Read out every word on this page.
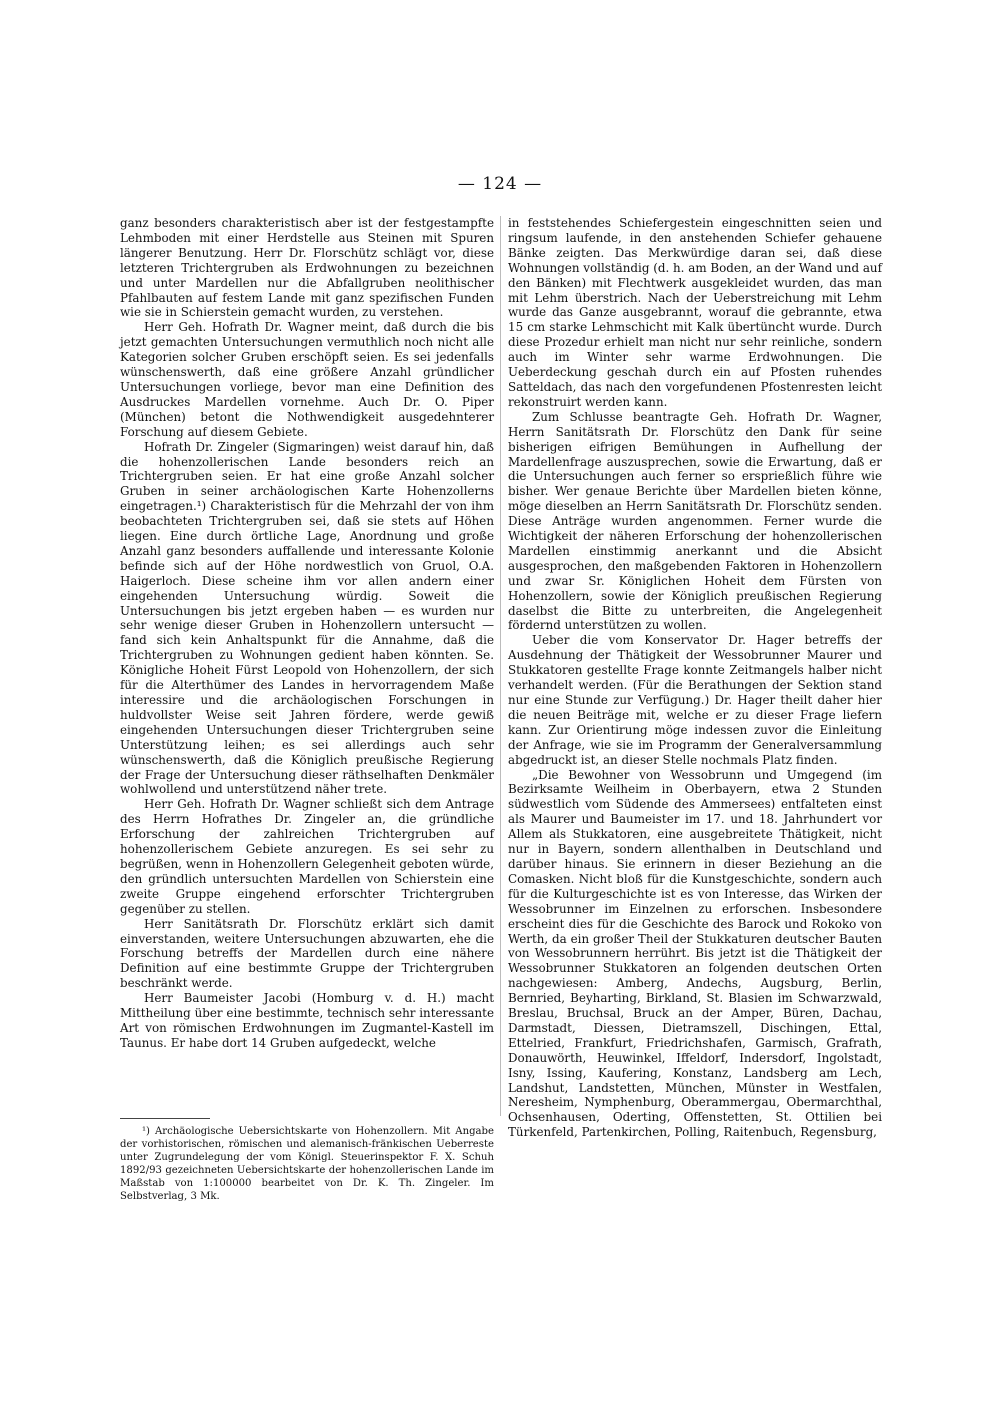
— 124 —

ganz besonders charakteristisch aber ist der festgestampfte Lehmboden mit einer Herdstelle aus Steinen mit Spuren längerer Benutzung. Herr Dr. Florschütz schlägt vor, diese letzteren Trichtergruben als Erdwohnungen zu bezeichnen und unter Mardellen nur die Abfallgruben neolithischer Pfahlbauten auf festem Lande mit ganz spezifischen Funden wie sie in Schierstein gemacht wurden, zu verstehen.

Herr Geh. Hofrath Dr. Wagner meint, daß durch die bis jetzt gemachten Untersuchungen vermuthlich noch nicht alle Kategorien solcher Gruben erschöpft seien. Es sei jedenfalls wünschenswerth, daß eine größere Anzahl gründlicher Untersuchungen vorliege, bevor man eine Definition des Ausdruckes Mardellen vornehme. Auch Dr. O. Piper (München) betont die Nothwendigkeit ausgedehnterer Forschung auf diesem Gebiete.

Hofrath Dr. Zingeler (Sigmaringen) weist darauf hin, daß die hohenzollerischen Lande besonders reich an Trichtergruben seien. Er hat eine große Anzahl solcher Gruben in seiner archäologischen Karte Hohenzollerns eingetragen.¹) Charakteristisch für die Mehrzahl der von ihm beobachteten Trichtergruben sei, daß sie stets auf Höhen liegen. Eine durch örtliche Lage, Anordnung und große Anzahl ganz besonders auffallende und interessante Kolonie befinde sich auf der Höhe nordwestlich von Gruol, O.A. Haigerloch. Diese scheine ihm vor allen andern einer eingehenden Untersuchung würdig. Soweit die Untersuchungen bis jetzt ergeben haben — es wurden nur sehr wenige dieser Gruben in Hohenzollern untersucht — fand sich kein Anhaltspunkt für die Annahme, daß die Trichtergruben zu Wohnungen gedient haben könnten. Se. Königliche Hoheit Fürst Leopold von Hohenzollern, der sich für die Alterthümer des Landes in hervorragendem Maße interessire und die archäologischen Forschungen in huldvollster Weise seit Jahren fördere, werde gewiß eingehenden Untersuchungen dieser Trichtergruben seine Unterstützung leihen; es sei allerdings auch sehr wünschenswerth, daß die Königlich preußische Regierung der Frage der Untersuchung dieser räthselhaften Denkmäler wohlwollend und unterstützend näher trete.

Herr Geh. Hofrath Dr. Wagner schließt sich dem Antrage des Herrn Hofrathes Dr. Zingeler an, die gründliche Erforschung der zahlreichen Trichtergruben auf hohenzollerischem Gebiete anzuregen. Es sei sehr zu begrüßen, wenn in Hohenzollern Gelegenheit geboten würde, den gründlich untersuchten Mardellen von Schierstein eine zweite Gruppe eingehend erforschter Trichtergruben gegenüber zu stellen.

Herr Sanitätsrath Dr. Florschütz erklärt sich damit einverstanden, weitere Untersuchungen abzuwarten, ehe die Forschung betreffs der Mardellen durch eine nähere Definition auf eine bestimmte Gruppe der Trichtergruben beschränkt werde.

Herr Baumeister Jacobi (Homburg v. d. H.) macht Mittheilung über eine bestimmte, technisch sehr interessante Art von römischen Erdwohnungen im Zugmantel-Kastell im Taunus. Er habe dort 14 Gruben aufgedeckt, welche

in feststehendes Schiefergestein eingeschnitten seien und ringsum laufende, in den anstehenden Schiefer gehauene Bänke zeigten. Das Merkwürdige daran sei, daß diese Wohnungen vollständig (d. h. am Boden, an der Wand und auf den Bänken) mit Flechtwerk ausgekleidet wurden, das man mit Lehm überstrich. Nach der Ueberstreichung mit Lehm wurde das Ganze ausgebrannt, worauf die gebrannte, etwa 15 cm starke Lehmschicht mit Kalk übertüncht wurde. Durch diese Prozedur erhielt man nicht nur sehr reinliche, sondern auch im Winter sehr warme Erdwohnungen. Die Ueberdeckung geschah durch ein auf Pfosten ruhendes Satteldach, das nach den vorgefundenen Pfostenresten leicht rekonstruirt werden kann.

Zum Schlusse beantragte Geh. Hofrath Dr. Wagner, Herrn Sanitätsrath Dr. Florschütz den Dank für seine bisherigen eifrigen Bemühungen in Aufhellung der Mardellenfrage auszusprechen, sowie die Erwartung, daß er die Untersuchungen auch ferner so ersprießlich führe wie bisher. Wer genaue Berichte über Mardellen bieten könne, möge dieselben an Herrn Sanitätsrath Dr. Florschütz senden. Diese Anträge wurden angenommen. Ferner wurde die Wichtigkeit der näheren Erforschung der hohenzollerischen Mardellen einstimmig anerkannt und die Absicht ausgesprochen, den maßgebenden Faktoren in Hohenzollern und zwar Sr. Königlichen Hoheit dem Fürsten von Hohenzollern, sowie der Königlich preußischen Regierung daselbst die Bitte zu unterbreiten, die Angelegenheit fördernd unterstützen zu wollen.

Ueber die vom Konservator Dr. Hager betreffs der Ausdehnung der Thätigkeit der Wessobrunner Maurer und Stukkatoren gestellte Frage konnte Zeitmangels halber nicht verhandelt werden. (Für die Berathungen der Sektion stand nur eine Stunde zur Verfügung.) Dr. Hager theilt daher hier die neuen Beiträge mit, welche er zu dieser Frage liefern kann. Zur Orientirung möge indessen zuvor die Einleitung der Anfrage, wie sie im Programm der Generalversammlung abgedruckt ist, an dieser Stelle nochmals Platz finden.

„Die Bewohner von Wessobrunn und Umgegend (im Bezirksamte Weilheim in Oberbayern, etwa 2 Stunden südwestlich vom Südende des Ammersees) entfalteten einst als Maurer und Baumeister im 17. und 18. Jahrhundert vor Allem als Stukkatoren, eine ausgebreitete Thätigkeit, nicht nur in Bayern, sondern allenthalben in Deutschland und darüber hinaus. Sie erinnern in dieser Beziehung an die Comasken. Nicht bloß für die Kunstgeschichte, sondern auch für die Kulturgeschichte ist es von Interesse, das Wirken der Wessobrunner im Einzelnen zu erforschen. Insbesondere erscheint dies für die Geschichte des Barock und Rokoko von Werth, da ein großer Theil der Stukkaturen deutscher Bauten von Wessobrunnern herrührt. Bis jetzt ist die Thätigkeit der Wessobrunner Stukkatoren an folgenden deutschen Orten nachgewiesen: Amberg, Andechs, Augsburg, Berlin, Bernried, Beyharting, Birkland, St. Blasien im Schwarzwald, Breslau, Bruchsal, Bruck an der Amper, Büren, Dachau, Darmstadt, Diessen, Dietramszell, Dischingen, Ettal, Ettelried, Frankfurt, Friedrichshafen, Garmisch, Grafrath, Donauwörth, Heuwinkel, Iffeldorf, Indersdorf, Ingolstadt, Isny, Issing, Kaufering, Konstanz, Landsberg am Lech, Landshut, Landstetten, München, Münster in Westfalen, Neresheim, Nymphenburg, Oberammergau, Obermarchthal, Ochsenhausen, Oderting, Offenstetten, St. Ottilien bei Türkenfeld, Partenkirchen, Polling, Raitenbuch, Regensburg,

¹) Archäologische Uebersichtskarte von Hohenzollern. Mit Angabe der vorhistorischen, römischen und alemanisch-fränkischen Ueberreste unter Zugrundelegung der vom Königl. Steuerinspektor F. X. Schuh 1892/93 gezeichneten Uebersichtskarte der hohenzollerischen Lande im Maßstab von 1:100000 bearbeitet von Dr. K. Th. Zingeler. Im Selbstverlag, 3 Mk.
